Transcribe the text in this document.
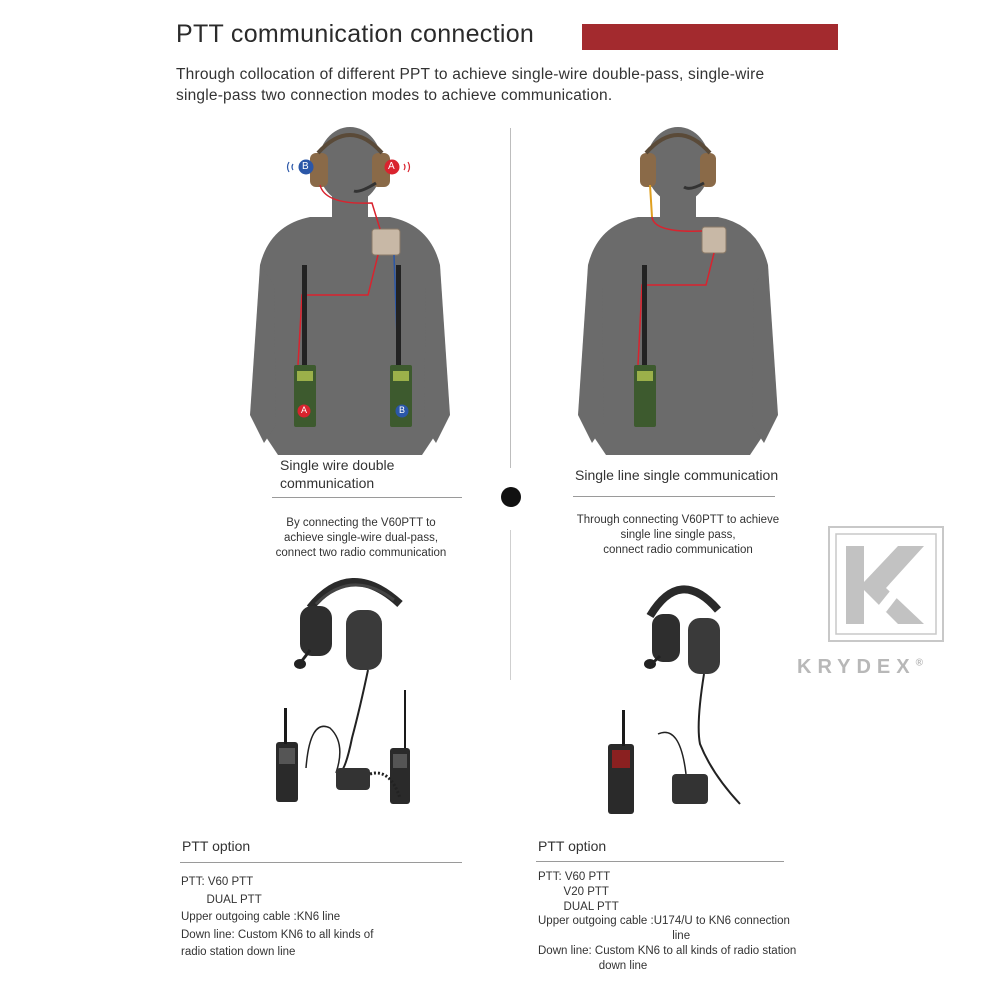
PTT communication connection
Through collocation of different PPT to achieve single-wire double-pass, single-wire
single-pass two connection modes to achieve communication.
A	B
B	A
Single wire double
communication	Single line single communication
By connecting the V60PTT to
achieve single-wire dual-pass,
connect two radio communication
Through connecting V60PTT to achieve
single line single pass,
connect radio communication
KRYDEX®
PTT option
PTT: V60 PTT
DUAL PTT
Upper outgoing cable :KN6 line
Down line: Custom KN6 to all kinds of
radio station down line
PTT option
PTT: V60 PTT
V20 PTT
DUAL PTT
Upper outgoing cable :U174/U to KN6 connection
line
Down line: Custom KN6 to all kinds of radio station
down line
